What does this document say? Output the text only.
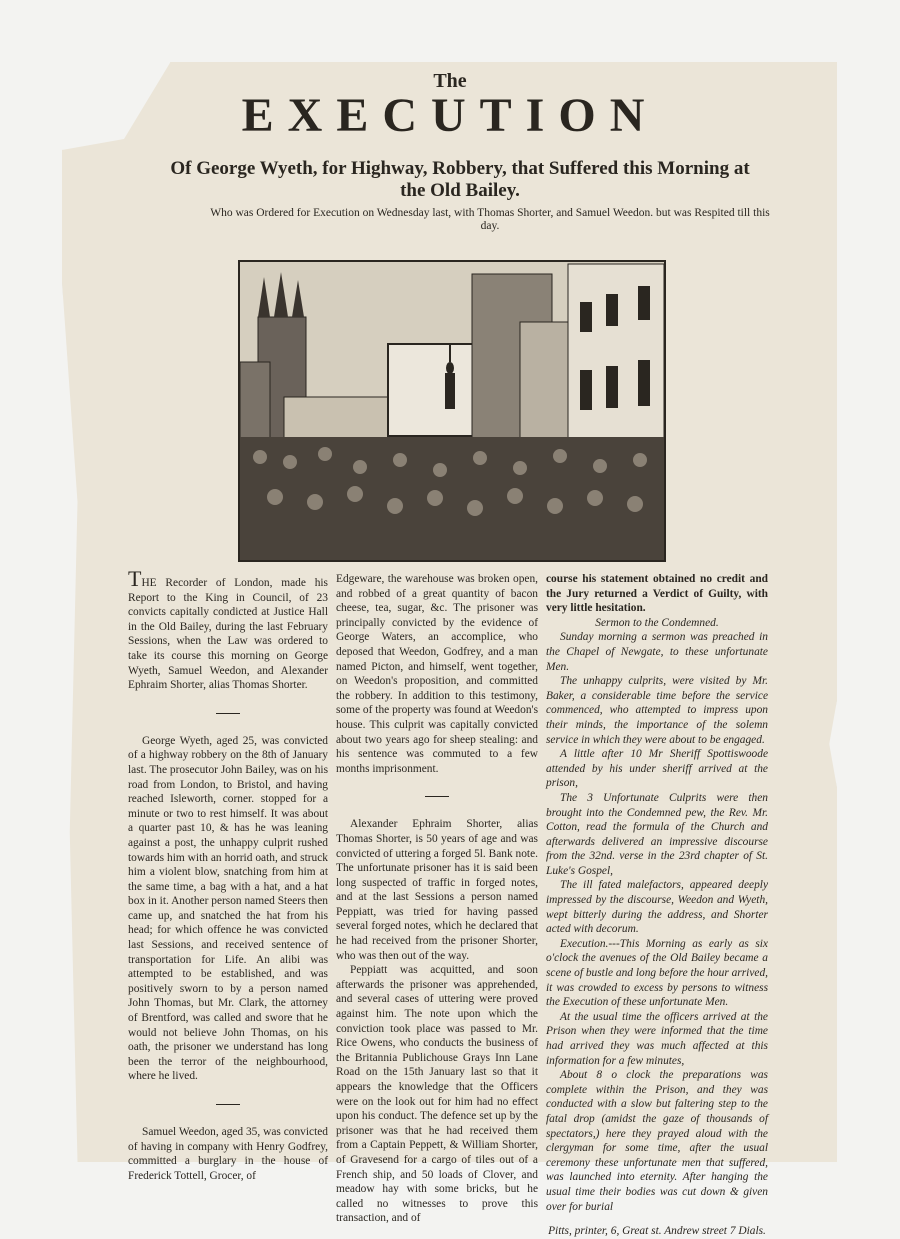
The
EXECUTION
Of George Wyeth, for Highway, Robbery, that Suffered this Morning at the Old Bailey.
Who was Ordered for Execution on Wednesday last, with Thomas Shorter, and Samuel Weedon. but was Respited till this day.

THE Recorder of London, made his Report to the King in Council, of 23 convicts capitally condicted at Justice Hall in the Old Bailey, during the last February Sessions, when the Law was ordered to take its course this morning on George Wyeth, Samuel Weedon, and Alexander Ephraim Shorter, alias Thomas Shorter.

George Wyeth, aged 25, was convicted of a highway robbery on the 8th of January last. The prosecutor John Bailey, was on his road from London, to Bristol, and having reached Isleworth, corner. stopped for a minute or two to rest himself. It was about a quarter past 10, & has he was leaning against a post, the unhappy culprit rushed towards him with an horrid oath, and struck him a violent blow, snatching from him at the same time, a bag with a hat, and a hat box in it. Another person named Steers then came up, and snatched the hat from his head; for which offence he was convicted last Sessions, and received sentence of transportation for Life. An alibi was attempted to be established, and was positively sworn to by a person named John Thomas, but Mr. Clark, the attorney of Brentford, was called and swore that he would not believe John Thomas, on his oath, the prisoner we understand has long been the terror of the neighbourhood, where he lived.

Samuel Weedon, aged 35, was convicted of having in company with Henry Godfrey, committed a burglary in the house of Frederick Tottell, Grocer, of

Edgeware, the warehouse was broken open, and robbed of a great quantity of bacon cheese, tea, sugar, &c. The prisoner was principally convicted by the evidence of George Waters, an accomplice, who deposed that Weedon, Godfrey, and a man named Picton, and himself, went together, on Weedon's proposition, and committed the robbery. In addition to this testimony, some of the property was found at Weedon's house. This culprit was capitally convicted about two years ago for sheep stealing: and his sentence was commuted to a few months imprisonment.

Alexander Ephraim Shorter, alias Thomas Shorter, is 50 years of age and was convicted of uttering a forged 5l. Bank note. The unfortunate prisoner has it is said been long suspected of traffic in forged notes, and at the last Sessions a person named Peppiatt, was tried for having passed several forged notes, which he declared that he had received from the prisoner Shorter, who was then out of the way.

Peppiatt was acquitted, and soon afterwards the prisoner was apprehended, and several cases of uttering were proved against him. The note upon which the conviction took place was passed to Mr. Rice Owens, who conducts the business of the Britannia Publichouse Grays Inn Lane Road on the 15th January last so that it appears the knowledge that the Officers were on the look out for him had no effect upon his conduct. The defence set up by the prisoner was that he had received them from a Captain Peppett, & William Shorter, of Gravesend for a cargo of tiles out of a French ship, and 50 loads of Clover, and meadow hay with some bricks, but he called no witnesses to prove this transaction, and of

course his statement obtained no credit and the Jury returned a Verdict of Guilty, with very little hesitation.

Sermon to the Condemned.

Sunday morning a sermon was preached in the Chapel of Newgate, to these unfortunate Men.

The unhappy culprits, were visited by Mr. Baker, a considerable time before the service commenced, who attempted to impress upon their minds, the importance of the solemn service in which they were about to be engaged.

A little after 10 Mr Sheriff Spottiswoode attended by his under sheriff arrived at the prison,

The 3 Unfortunate Culprits were then brought into the Condemned pew, the Rev. Mr. Cotton, read the formula of the Church and afterwards delivered an impressive discourse from the 32nd. verse in the 23rd chapter of St. Luke's Gospel,

The ill fated malefactors, appeared deeply impressed by the discourse, Weedon and Wyeth, wept bitterly during the address, and Shorter acted with decorum.

Execution.---This Morning as early as six o'clock the avenues of the Old Bailey became a scene of bustle and long before the hour arrived, it was crowded to excess by persons to witness the Execution of these unfortunate Men.

At the usual time the officers arrived at the Prison when they were informed that the time had arrived they was much affected at this information for a few minutes,

About 8 o clock the preparations was complete within the Prison, and they was conducted with a slow but faltering step to the fatal drop (amidst the gaze of thousands of spectators,) here they prayed aloud with the clergyman for some time, after the usual ceremony these unfortunate men that suffered, was launched into eternity. After hanging the usual time their bodies was cut down & given over for burial

Pitts, printer, 6, Great st. Andrew street 7 Dials.
